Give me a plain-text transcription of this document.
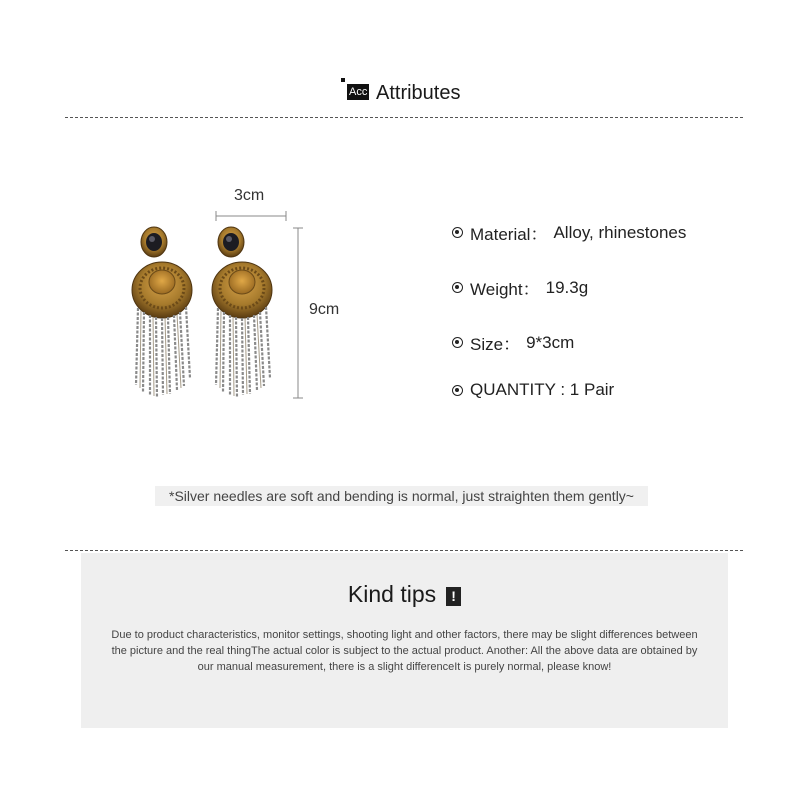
Acc Attributes
3cm
9cm
Material： Alloy, rhinestones
Weight： 19.3g
Size： 9*3cm
QUANTITY : 1 Pair
*Silver needles are soft and bending is normal, just straighten them gently~
Kind tips !
Due to product characteristics, monitor settings, shooting light and other factors, there may be slight differences between the picture and the real thingThe actual color is subject to the actual product. Another: All the above data are obtained by our manual measurement, there is a slight differenceIt is purely normal, please know!
